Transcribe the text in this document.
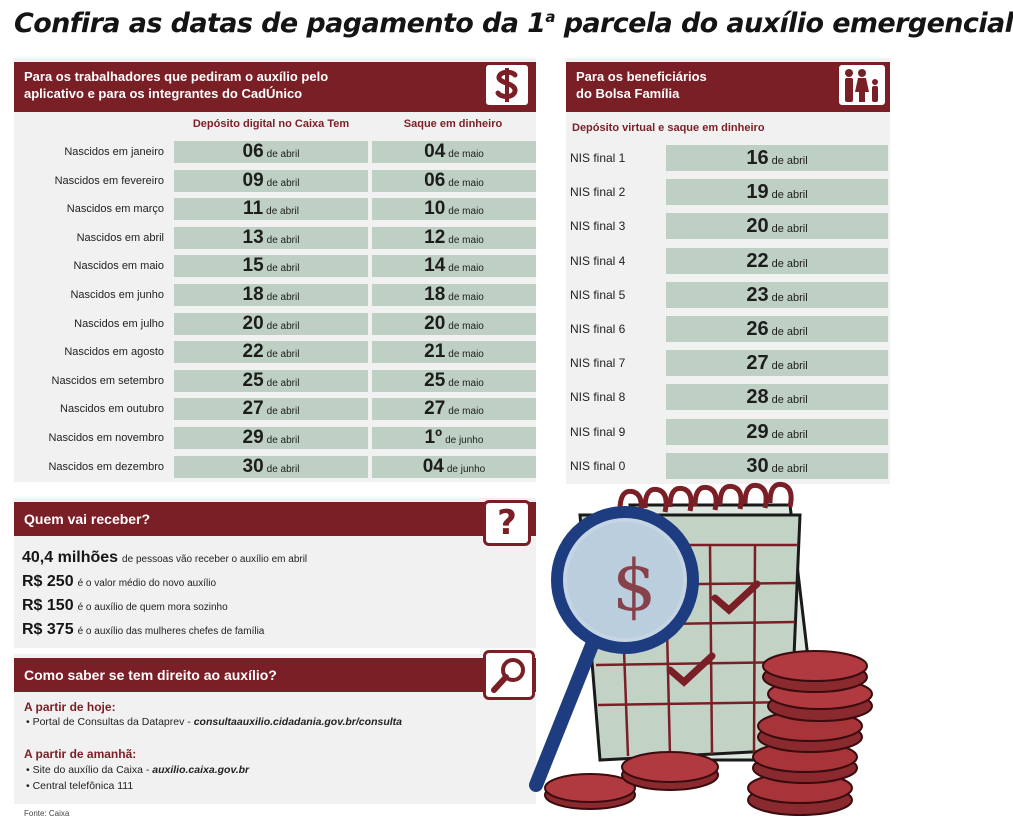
Confira as datas de pagamento da 1$^a$ parcela do auxílio emergencial
Para os trabalhadores que pediram o auxílio pelo
aplicativo e para os integrantes do CadÚnico
Depósito digital no Caixa Tem	Saque em dinheiro
Nascidos em janeiro	06 de abril	04 de maio
Nascidos em fevereiro	09 de abril	06 de maio
Nascidos em março	11 de abril	10 de maio
Nascidos em abril	13 de abril	12 de maio
Nascidos em maio	15 de abril	14 de maio
Nascidos em junho	18 de abril	18 de maio
Nascidos em julho	20 de abril	20 de maio
Nascidos em agosto	22 de abril	21 de maio
Nascidos em setembro	25 de abril	25 de maio
Nascidos em outubro	27 de abril	27 de maio
Nascidos em novembro	29 de abril	1º de junho
Nascidos em dezembro	30 de abril	04 de junho
Para os beneficiários
do Bolsa Família
Depósito virtual e saque em dinheiro
NIS final 1	16 de abril
NIS final 2	19 de abril
NIS final 3	20 de abril
NIS final 4	22 de abril
NIS final 5	23 de abril
NIS final 6	26 de abril
NIS final 7	27 de abril
NIS final 8	28 de abril
NIS final 9	29 de abril
NIS final 0	30 de abril
Quem vai receber?	?
40,4 milhões de pessoas vão receber o auxílio em abril
R$ 250 é o valor médio do novo auxílio
R$ 150 é o auxílio de quem mora sozinho
R$ 375 é o auxílio das mulheres chefes de família
Como saber se tem direito ao auxílio?
A partir de hoje:
• Portal de Consultas da Dataprev - consultaauxilio.cidadania.gov.br/consulta
A partir de amanhã:
• Site do auxílio da Caixa - auxilio.caixa.gov.br
• Central telefônica 111
Fonte: Caixa
$
